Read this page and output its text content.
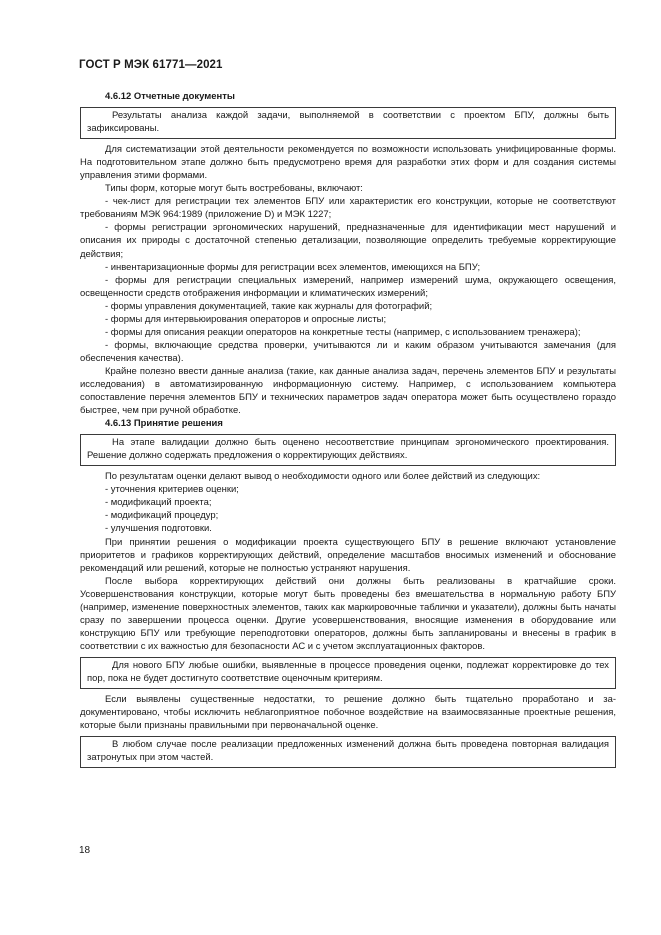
ГОСТ Р МЭК 61771—2021

4.6.12 Отчетные документы

Результаты анализа каждой задачи, выполняемой в соответствии с проектом БПУ, должны быть зафиксированы.

Для систематизации этой деятельности рекомендуется по возможности использовать унифицированные формы. На подготовительном этапе должно быть предусмотрено время для разработки этих форм и для создания системы управления этими формами.

Типы форм, которые могут быть востребованы, включают:

- чек-лист для регистрации тех элементов БПУ или характеристик его конструкции, которые не соответствуют требованиям МЭК 964:1989 (приложение D) и МЭК 1227;

- формы регистрации эргономических нарушений, предназначенные для идентификации мест нарушений и описания их природы с достаточной степенью детализации, позволяющие определить требуемые корректирующие действия;

- инвентаризационные формы для регистрации всех элементов, имеющихся на БПУ;

- формы для регистрации специальных измерений, например измерений шума, окружающего освещения, освещенности средств отображения информации и климатических измерений;

- формы управления документацией, такие как журналы для фотографий;

- формы для интервьюирования операторов и опросные листы;

- формы для описания реакции операторов на конкретные тесты (например, с использованием тренажера);

- формы, включающие средства проверки, учитываются ли и каким образом учитываются замечания (для обеспечения качества).

Крайне полезно ввести данные анализа (такие, как данные анализа задач, перечень элементов БПУ и результаты исследования) в автоматизированную информационную систему. Например, с использованием компьютера сопоставление перечня элементов БПУ и технических параметров задач оператора может быть осуществлено гораздо быстрее, чем при ручной обработке.

4.6.13 Принятие решения

На этапе валидации должно быть оценено несоответствие принципам эргономического проектирования. Решение должно содержать предложения о корректирующих действиях.

По результатам оценки делают вывод о необходимости одного или более действий из следующих:

- уточнения критериев оценки;

- модификаций проекта;

- модификаций процедур;

- улучшения подготовки.

При принятии решения о модификации проекта существующего БПУ в решение включают установление приоритетов и графиков корректирующих действий, определение масштабов вносимых изменений и обоснование рекомендаций или решений, которые не полностью устраняют нарушения.

После выбора корректирующих действий они должны быть реализованы в кратчайшие сроки. Усовершенствования конструкции, которые могут быть проведены без вмешательства в нормальную работу БПУ (например, изменение поверхностных элементов, таких как маркировочные таблички и указатели), должны быть начаты сразу по завершении процесса оценки. Другие усовершенствования, вносящие изменения в оборудование или конструкцию БПУ или требующие переподготовки операторов, должны быть запланированы и внесены в график в соответствии с их важностью для безопасности АС и с учетом эксплуатационных факторов.

Для нового БПУ любые ошибки, выявленные в процессе проведения оценки, подлежат корректировке до тех пор, пока не будет достигнуто соответствие оценочным критериям.

Если выявлены существенные недостатки, то решение должно быть тщательно проработано и задокументировано, чтобы исключить неблагоприятное побочное воздействие на взаимосвязанные проектные решения, которые были признаны правильными при первоначальной оценке.

В любом случае после реализации предложенных изменений должна быть проведена повторная валидация затронутых при этом частей.

18
